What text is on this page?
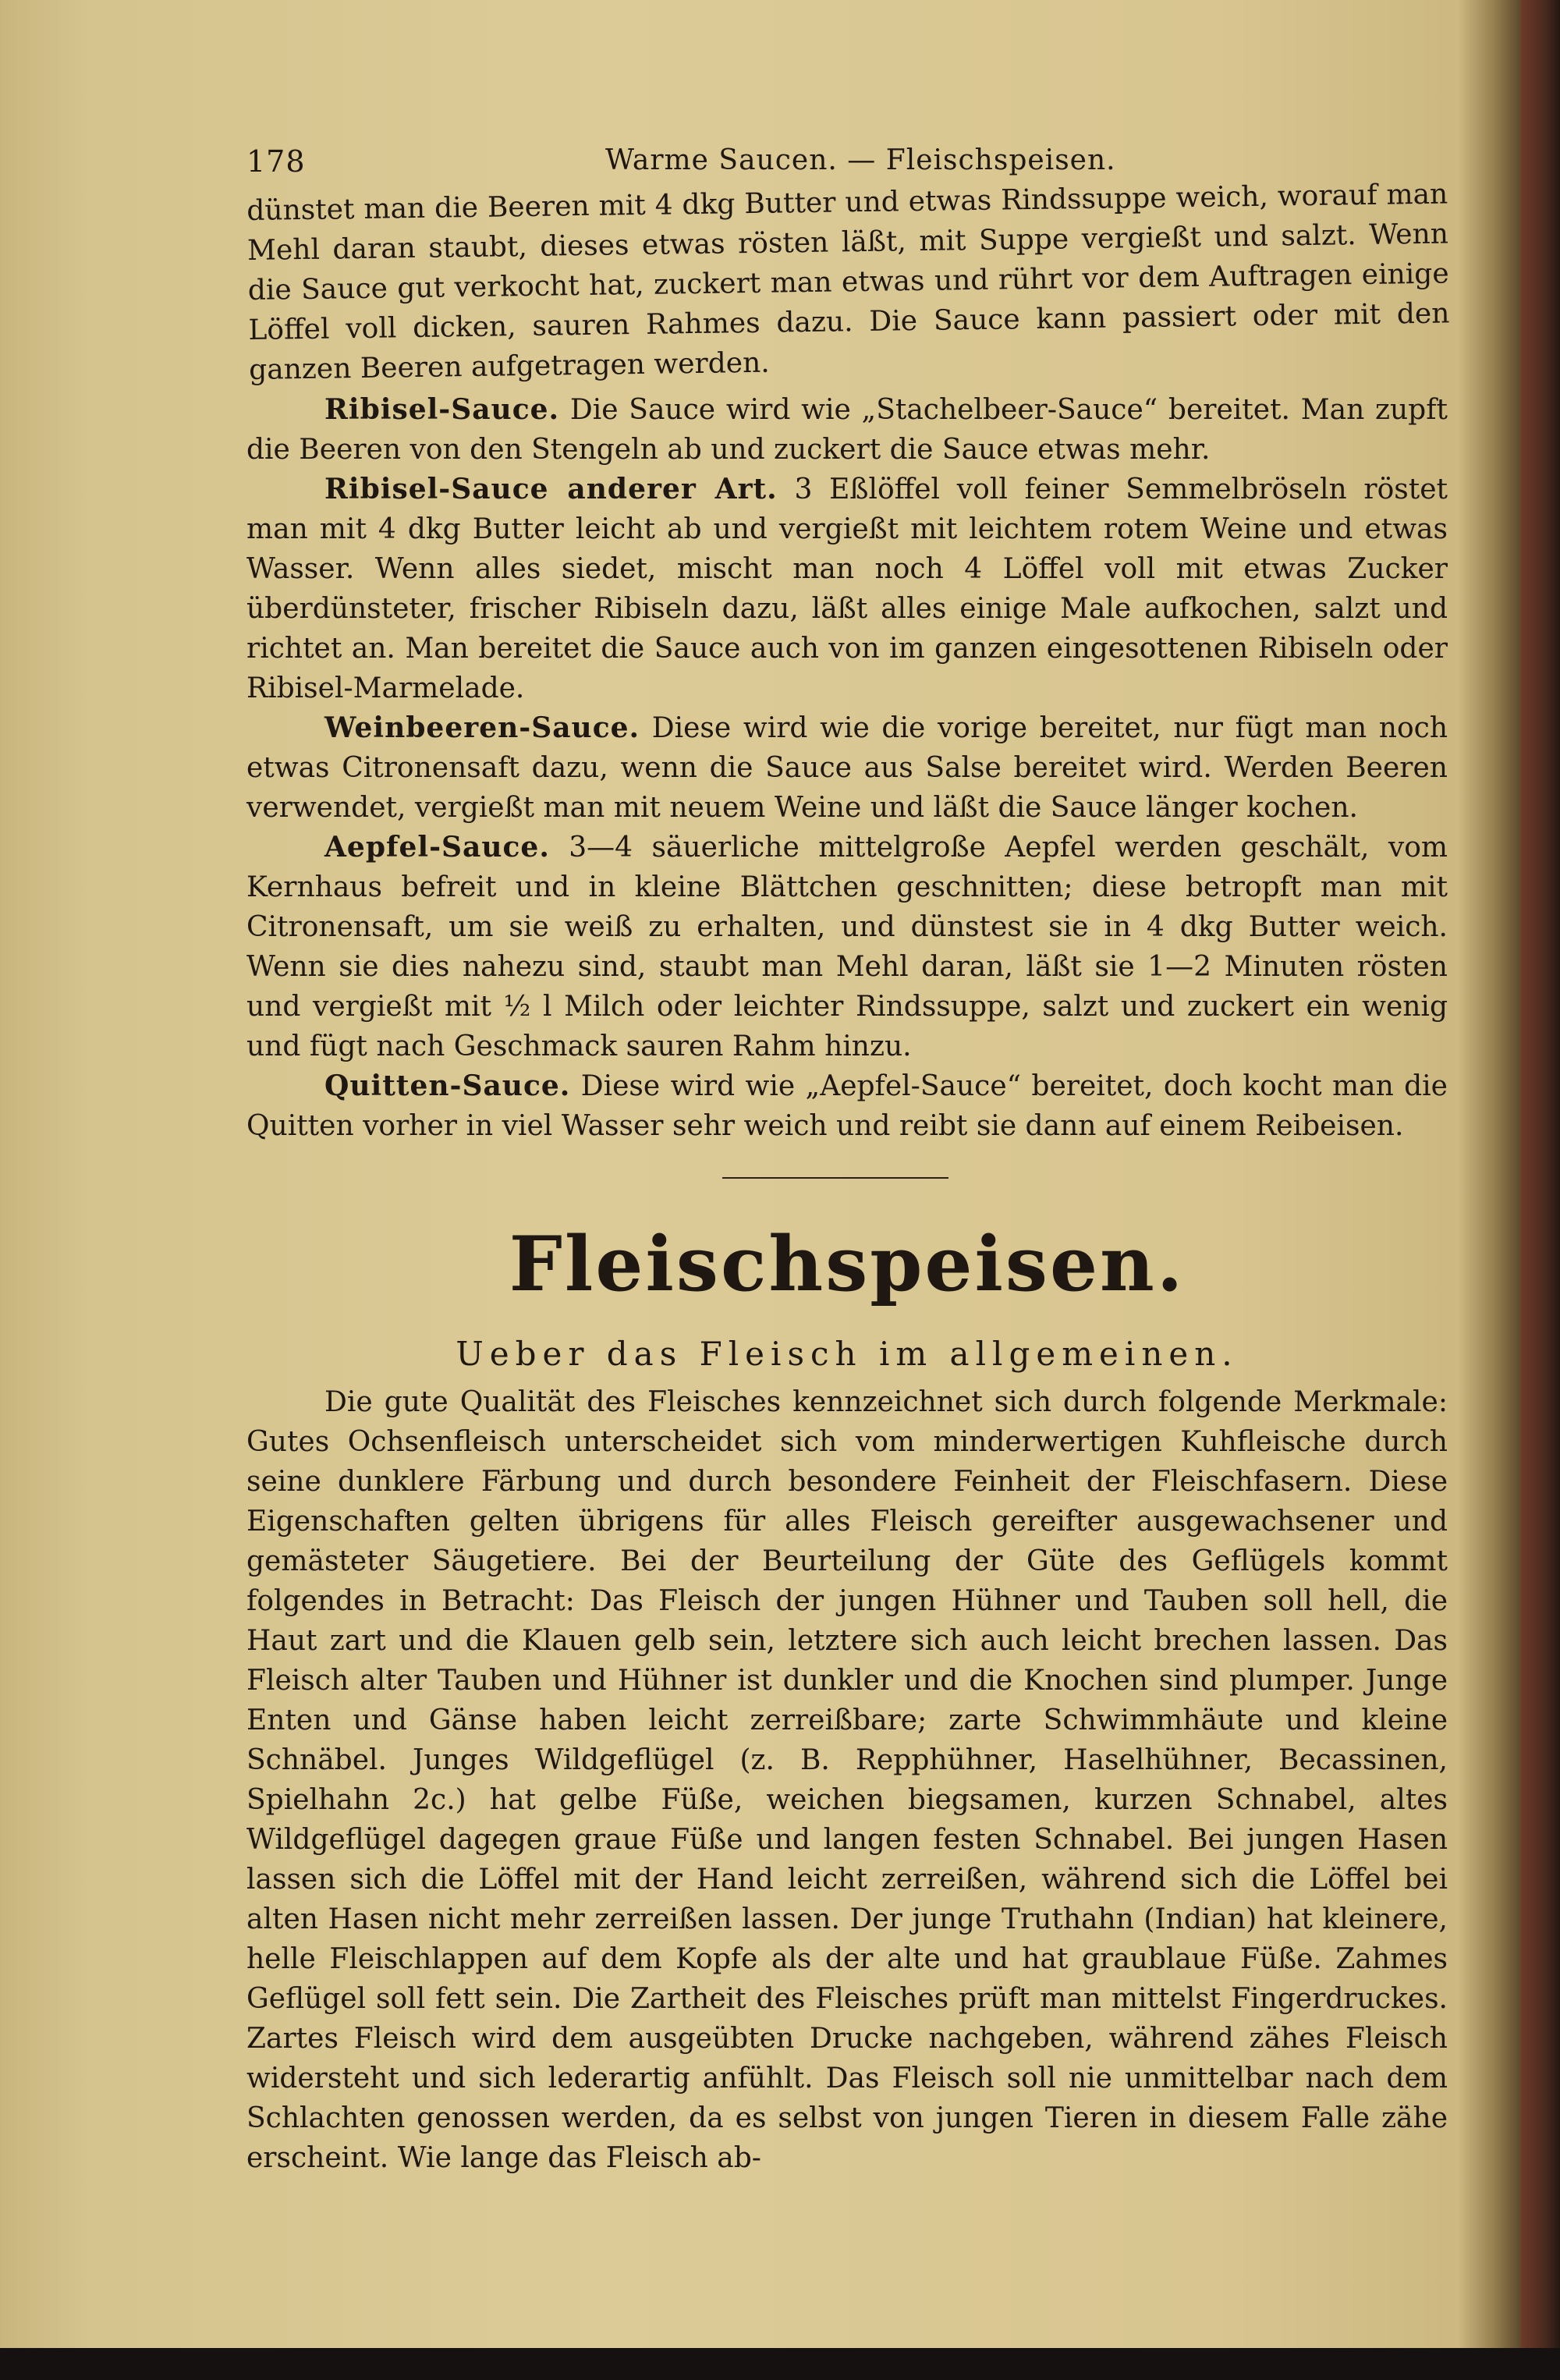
178	Warme Saucen. — Fleischspeisen.

dünstet man die Beeren mit 4 dkg Butter und etwas Rindssuppe weich, worauf man Mehl daran staubt, dieses etwas rösten läßt, mit Suppe vergießt und salzt. Wenn die Sauce gut verkocht hat, zuckert man etwas und rührt vor dem Auftragen einige Löffel voll dicken, sauren Rahmes dazu. Die Sauce kann passiert oder mit den ganzen Beeren aufgetragen werden.

Ribisel-Sauce. Die Sauce wird wie „Stachelbeer-Sauce“ bereitet. Man zupft die Beeren von den Stengeln ab und zuckert die Sauce etwas mehr.

Ribisel-Sauce anderer Art. 3 Eßlöffel voll feiner Semmelbröseln röstet man mit 4 dkg Butter leicht ab und vergießt mit leichtem rotem Weine und etwas Wasser. Wenn alles siedet, mischt man noch 4 Löffel voll mit etwas Zucker überdünsteter, frischer Ribiseln dazu, läßt alles einige Male aufkochen, salzt und richtet an. Man bereitet die Sauce auch von im ganzen eingesottenen Ribiseln oder Ribisel-Marmelade.

Weinbeeren-Sauce. Diese wird wie die vorige bereitet, nur fügt man noch etwas Citronensaft dazu, wenn die Sauce aus Salse bereitet wird. Werden Beeren verwendet, vergießt man mit neuem Weine und läßt die Sauce länger kochen.

Aepfel-Sauce. 3—4 säuerliche mittelgroße Aepfel werden geschält, vom Kernhaus befreit und in kleine Blättchen geschnitten; diese betropft man mit Citronensaft, um sie weiß zu erhalten, und dünstest sie in 4 dkg Butter weich. Wenn sie dies nahezu sind, staubt man Mehl daran, läßt sie 1—2 Minuten rösten und vergießt mit ½ l Milch oder leichter Rindssuppe, salzt und zuckert ein wenig und fügt nach Geschmack sauren Rahm hinzu.

Quitten-Sauce. Diese wird wie „Aepfel-Sauce“ bereitet, doch kocht man die Quitten vorher in viel Wasser sehr weich und reibt sie dann auf einem Reibeisen.

Fleischspeisen.
Ueber das Fleisch im allgemeinen.

Die gute Qualität des Fleisches kennzeichnet sich durch folgende Merkmale: Gutes Ochsenfleisch unterscheidet sich vom minderwertigen Kuhfleische durch seine dunklere Färbung und durch besondere Feinheit der Fleischfasern. Diese Eigenschaften gelten übrigens für alles Fleisch gereifter ausgewachsener und gemästeter Säugetiere. Bei der Beurteilung der Güte des Geflügels kommt folgendes in Betracht: Das Fleisch der jungen Hühner und Tauben soll hell, die Haut zart und die Klauen gelb sein, letztere sich auch leicht brechen lassen. Das Fleisch alter Tauben und Hühner ist dunkler und die Knochen sind plumper. Junge Enten und Gänse haben leicht zerreißbare; zarte Schwimmhäute und kleine Schnäbel. Junges Wildgeflügel (z. B. Repphühner, Haselhühner, Becassinen, Spielhahn 2c.) hat gelbe Füße, weichen biegsamen, kurzen Schnabel, altes Wildgeflügel dagegen graue Füße und langen festen Schnabel. Bei jungen Hasen lassen sich die Löffel mit der Hand leicht zerreißen, während sich die Löffel bei alten Hasen nicht mehr zerreißen lassen. Der junge Truthahn (Indian) hat kleinere, helle Fleischlappen auf dem Kopfe als der alte und hat graublaue Füße. Zahmes Geflügel soll fett sein. Die Zartheit des Fleisches prüft man mittelst Fingerdruckes. Zartes Fleisch wird dem ausgeübten Drucke nachgeben, während zähes Fleisch widersteht und sich lederartig anfühlt. Das Fleisch soll nie unmittelbar nach dem Schlachten genossen werden, da es selbst von jungen Tieren in diesem Falle zähe erscheint. Wie lange das Fleisch ab-
